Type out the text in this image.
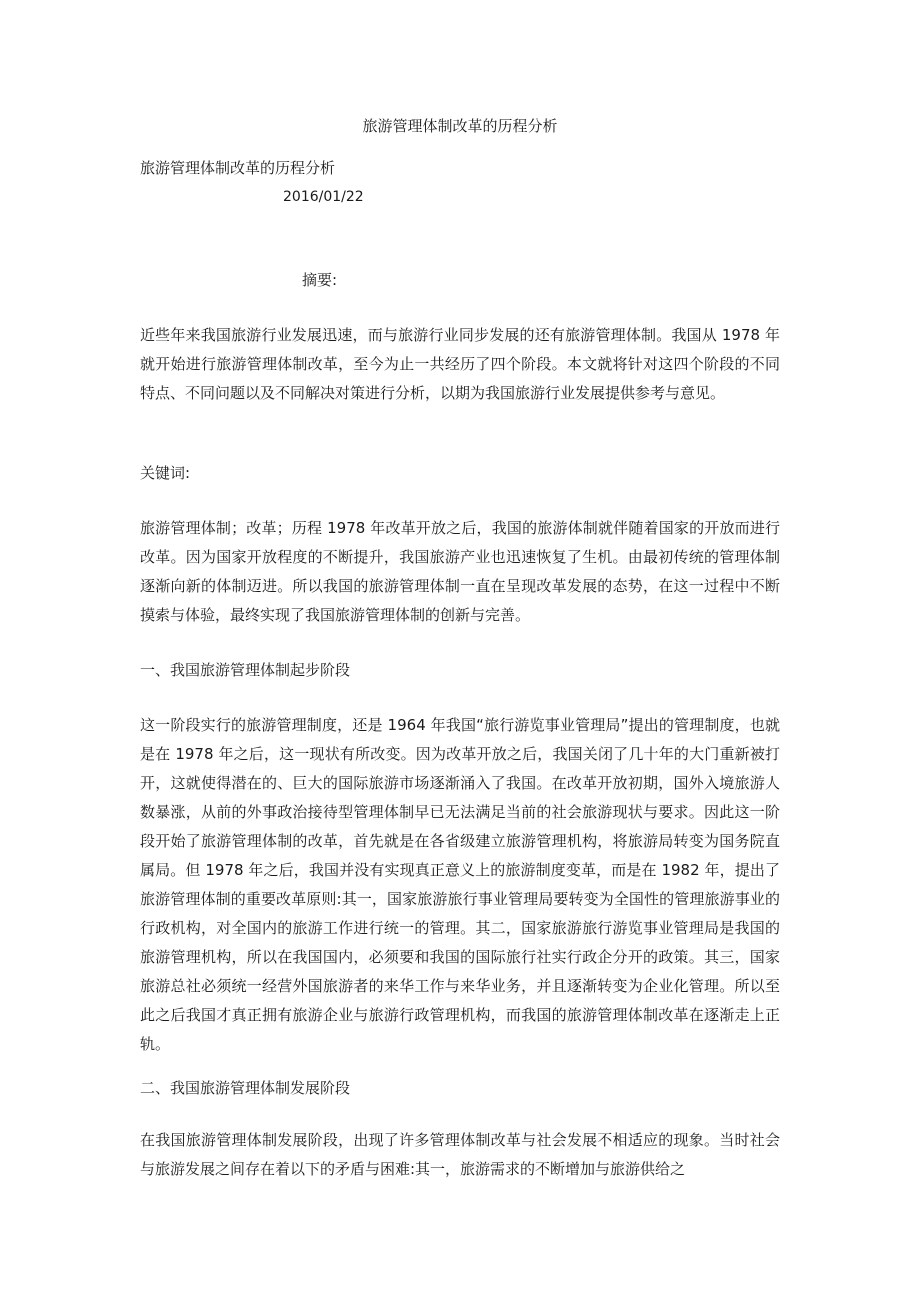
旅游管理体制改革的历程分析
旅游管理体制改革的历程分析
2016/01/22
摘要:

近些年来我国旅游行业发展迅速，而与旅游行业同步发展的还有旅游管理体制。我国从 1978 年就开始进行旅游管理体制改革，至今为止一共经历了四个阶段。本文就将针对这四个阶段的不同特点、不同问题以及不同解决对策进行分析，以期为我国旅游行业发展提供参考与意见。

关键词:

旅游管理体制；改革；历程 1978 年改革开放之后，我国的旅游体制就伴随着国家的开放而进行改革。因为国家开放程度的不断提升，我国旅游产业也迅速恢复了生机。由最初传统的管理体制逐渐向新的体制迈进。所以我国的旅游管理体制一直在呈现改革发展的态势，在这一过程中不断摸索与体验，最终实现了我国旅游管理体制的创新与完善。

一、我国旅游管理体制起步阶段

这一阶段实行的旅游管理制度，还是 1964 年我国“旅行游览事业管理局”提出的管理制度，也就是在 1978 年之后，这一现状有所改变。因为改革开放之后，我国关闭了几十年的大门重新被打开，这就使得潜在的、巨大的国际旅游市场逐渐涌入了我国。在改革开放初期，国外入境旅游人数暴涨，从前的外事政治接待型管理体制早已无法满足当前的社会旅游现状与要求。因此这一阶段开始了旅游管理体制的改革，首先就是在各省级建立旅游管理机构，将旅游局转变为国务院直属局。但 1978 年之后，我国并没有实现真正意义上的旅游制度变革，而是在 1982 年，提出了旅游管理体制的重要改革原则:其一，国家旅游旅行事业管理局要转变为全国性的管理旅游事业的行政机构，对全国内的旅游工作进行统一的管理。其二，国家旅游旅行游览事业管理局是我国的旅游管理机构，所以在我国国内，必须要和我国的国际旅行社实行政企分开的政策。其三，国家旅游总社必须统一经营外国旅游者的来华工作与来华业务，并且逐渐转变为企业化管理。所以至此之后我国才真正拥有旅游企业与旅游行政管理机构，而我国的旅游管理体制改革在逐渐走上正轨。

二、我国旅游管理体制发展阶段

在我国旅游管理体制发展阶段，出现了许多管理体制改革与社会发展不相适应的现象。当时社会与旅游发展之间存在着以下的矛盾与困难:其一，旅游需求的不断增加与旅游供给之
